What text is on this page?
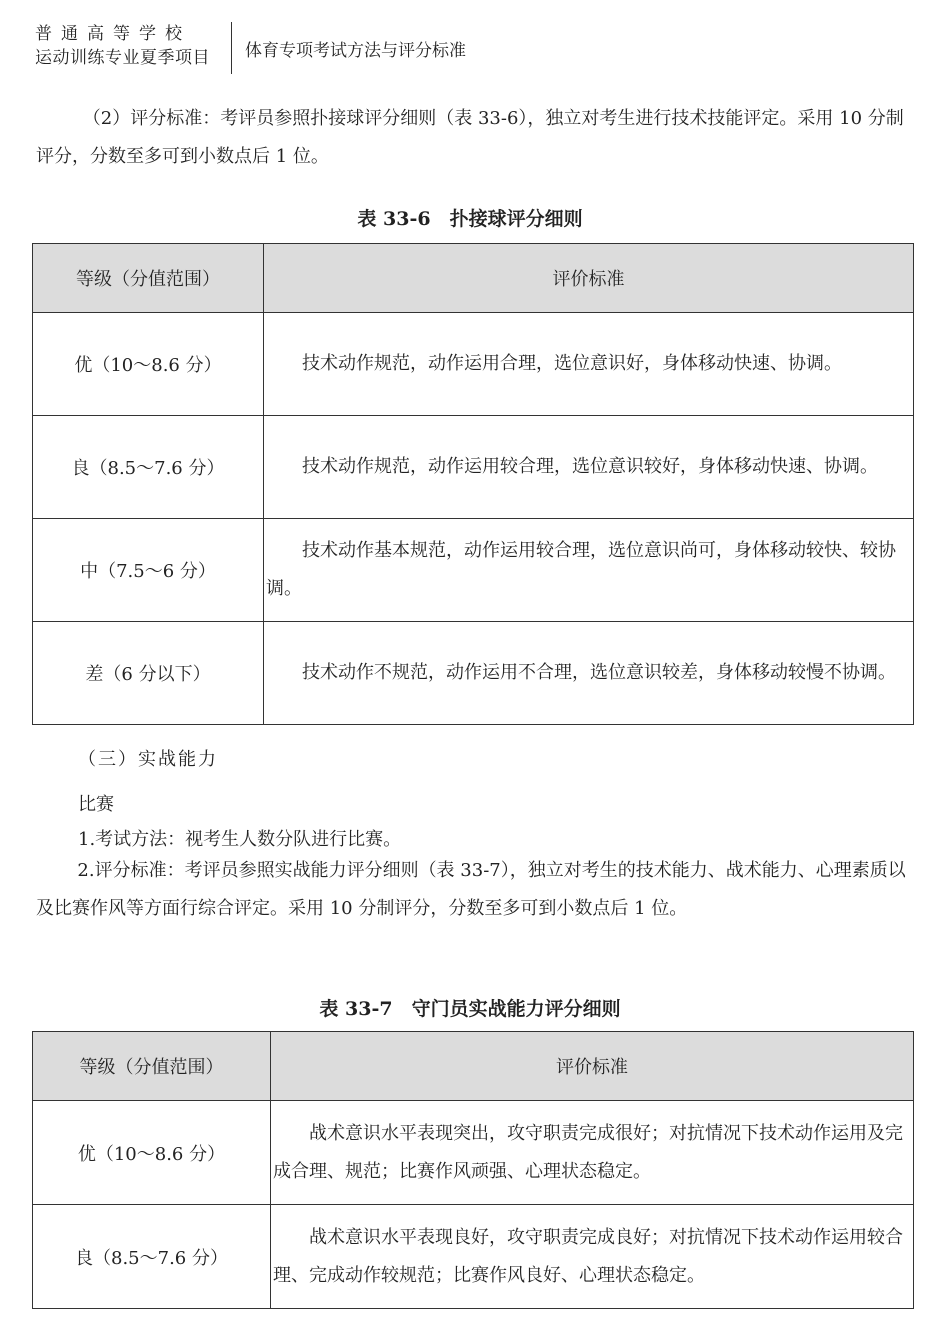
普通高等学校
运动训练专业夏季项目	体育专项考试方法与评分标准
（2）评分标准：考评员参照扑接球评分细则（表 33-6），独立对考生进行技术技能评定。采用 10 分制评分，分数至多可到小数点后 1 位。
表 33-6　扑接球评分细则
等级（分值范围）	评价标准
优（10〜8.6 分）	技术动作规范，动作运用合理，选位意识好，身体移动快速、协调。
良（8.5〜7.6 分）	技术动作规范，动作运用较合理，选位意识较好，身体移动快速、协调。
中（7.5〜6 分）	技术动作基本规范，动作运用较合理，选位意识尚可，身体移动较快、较协调。
差（6 分以下）	技术动作不规范，动作运用不合理，选位意识较差，身体移动较慢不协调。
（三）实战能力
比赛
1.考试方法：视考生人数分队进行比赛。
2.评分标准：考评员参照实战能力评分细则（表 33-7），独立对考生的技术能力、战术能力、心理素质以及比赛作风等方面行综合评定。采用 10 分制评分，分数至多可到小数点后 1 位。
表 33-7　守门员实战能力评分细则
等级（分值范围）	评价标准
优（10〜8.6 分）	战术意识水平表现突出，攻守职责完成很好；对抗情况下技术动作运用及完成合理、规范；比赛作风顽强、心理状态稳定。
良（8.5〜7.6 分）	战术意识水平表现良好，攻守职责完成良好；对抗情况下技术动作运用较合理、完成动作较规范；比赛作风良好、心理状态稳定。
